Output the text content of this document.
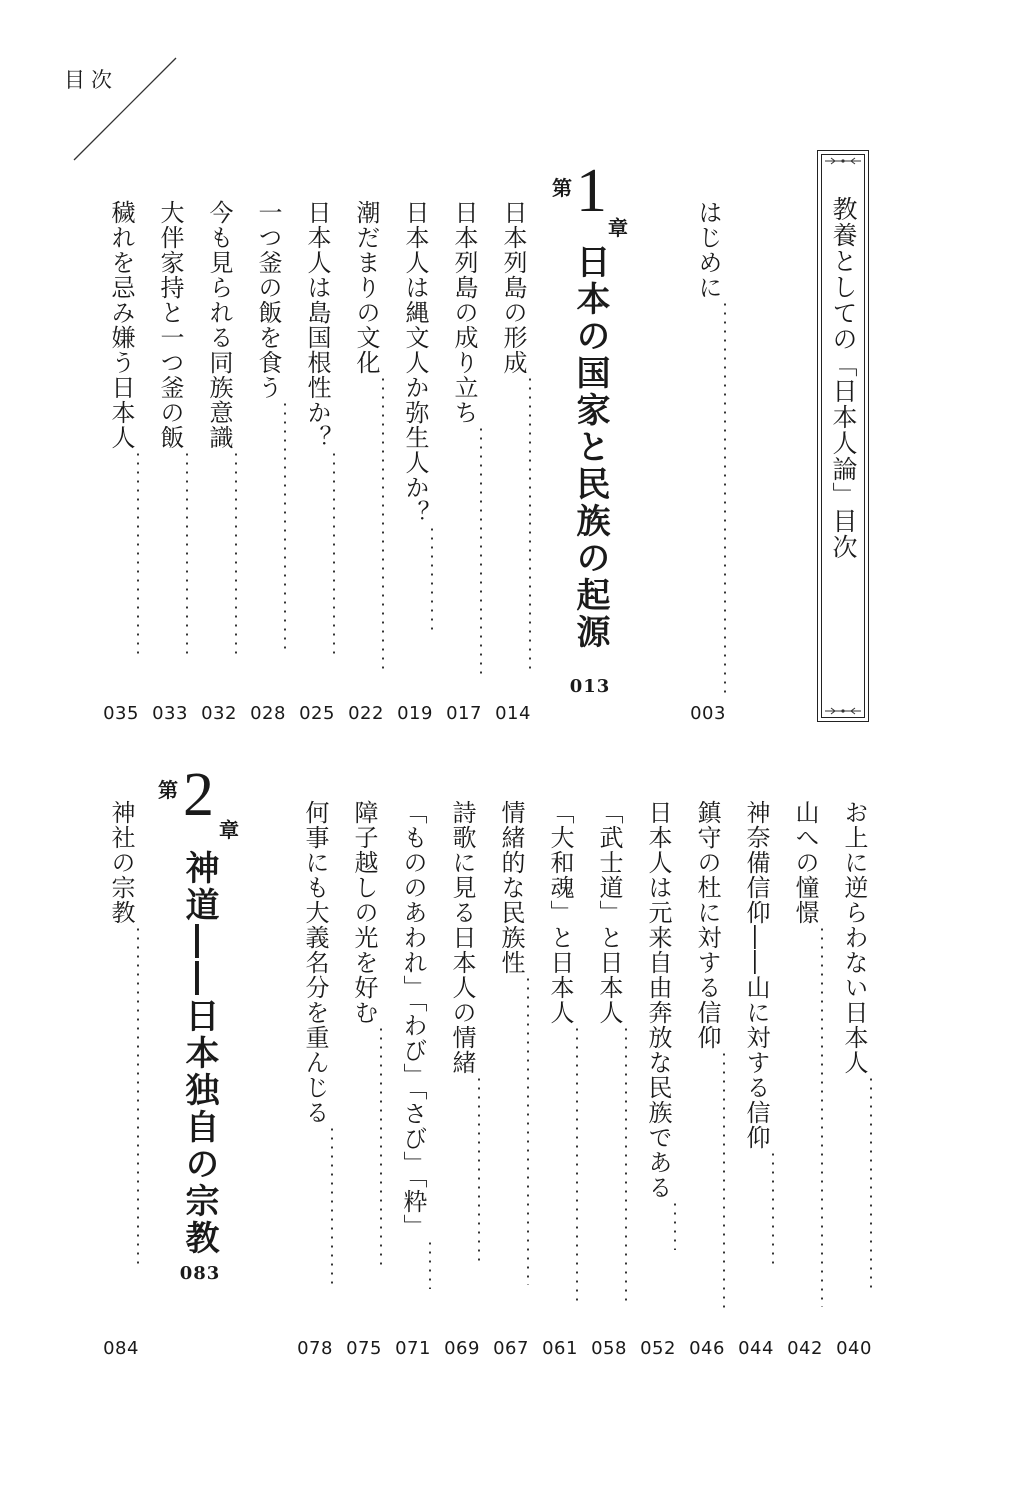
目次
教養としての「日本人論」目次
はじめに
003
第 1
章
日本の国家と民族の起源
013
日本列島の形成
014
日本列島の成り立ち
017
日本人は縄文人か弥生人か？
019
潮だまりの文化
022
日本人は島国根性か？
025
一つ釜の飯を食う
028
今も見られる同族意識
032
大伴家持と一つ釜の飯
033
穢れを忌み嫌う日本人
035
お上に逆らわない日本人
040
山への憧憬
042
神奈備信仰――山に対する信仰
044
鎮守の杜に対する信仰
046
日本人は元来自由奔放な民族である
052
「武士道」と日本人
058
「大和魂」と日本人
061
情緒的な民族性
067
詩歌に見る日本人の情緒
069
「もののあわれ」「わび」「さび」「粋」
071
障子越しの光を好む
075
何事にも大義名分を重んじる
078
第 2
章
神道――日本独自の宗教
083
神社の宗教
084
